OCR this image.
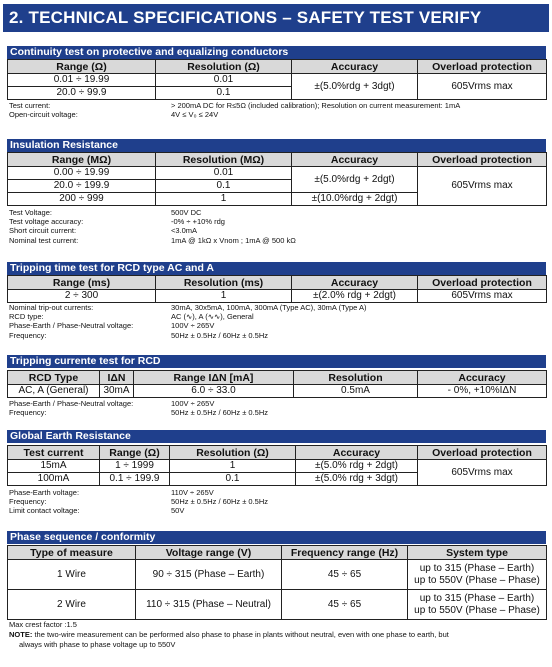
2. TECHNICAL SPECIFICATIONS – SAFETY TEST VERIFY
Continuity test on protective and equalizing conductors
Range (Ω)	Resolution (Ω)	Accuracy	Overload protection
0.01 ÷ 19.99	0.01	±(5.0%rdg + 3dgt)	605Vrms max
20.0 ÷ 99.9	0.1		
Test current:	> 200mA DC for R≤5Ω (included calibration); Resolution on current measurement: 1mA
Open-circuit voltage:	4V ≤ V₀ ≤ 24V
Insulation Resistance
Range (MΩ)	Resolution (MΩ)	Accuracy	Overload protection
0.00 ÷ 19.99	0.01	±(5.0%rdg + 2dgt)	605Vrms max
20.0 ÷ 199.9	0.1		
200 ÷ 999	1	±(10.0%rdg + 2dgt)	
Test Voltage:	500V DC
Test voltage accuracy:	-0% ÷ +10% rdg
Short circuit current:	<3.0mA
Nominal test current:	1mA @ 1kΩ x Vnom ; 1mA @ 500 kΩ
Tripping time test for RCD type AC and A
Range (ms)	Resolution (ms)	Accuracy	Overload protection
2 ÷ 300	1	±(2.0% rdg + 2dgt)	605Vrms max
Nominal trip-out currents:	30mA, 30x5mA, 100mA, 300mA (Type AC), 30mA (Type A)
RCD type:	AC (∿), A (∿∿), General
Phase-Earth / Phase-Neutral voltage:	100V ÷ 265V
Frequency:	50Hz ± 0.5Hz / 60Hz ± 0.5Hz
Tripping currente test for RCD
RCD Type	IΔN	Range IΔN [mA]	Resolution	Accuracy
AC, A (General)	30mA	6.0 ÷ 33.0	0.5mA	- 0%, +10%IΔN
Phase-Earth / Phase-Neutral voltage:	100V ÷ 265V
Frequency:	50Hz ± 0.5Hz / 60Hz ± 0.5Hz
Global Earth Resistance
Test current	Range (Ω)	Resolution (Ω)	Accuracy	Overload protection
15mA	1 ÷ 1999	1	±(5.0% rdg + 2dgt)	605Vrms max
100mA	0.1 ÷ 199.9	0.1	±(5.0% rdg + 3dgt)	
Phase-Earth voltage:	110V ÷ 265V
Frequency:	50Hz ± 0.5Hz / 60Hz ± 0.5Hz
Limit contact voltage:	50V
Phase sequence / conformity
Type of measure	Voltage range (V)	Frequency range (Hz)	System type
1 Wire	90 ÷ 315 (Phase – Earth)	45 ÷ 65	up to 315 (Phase – Earth)
up to 550V (Phase – Phase)

2 Wire	110 ÷ 315 (Phase – Neutral)	45 ÷ 65	up to 315 (Phase – Earth)
up to 550V (Phase – Phase)
Max crest factor :1.5
NOTE: the two-wire measurement can be performed also phase to phase in plants without neutral, even with one phase to earth, but
always with phase to phase voltage up to 550V
